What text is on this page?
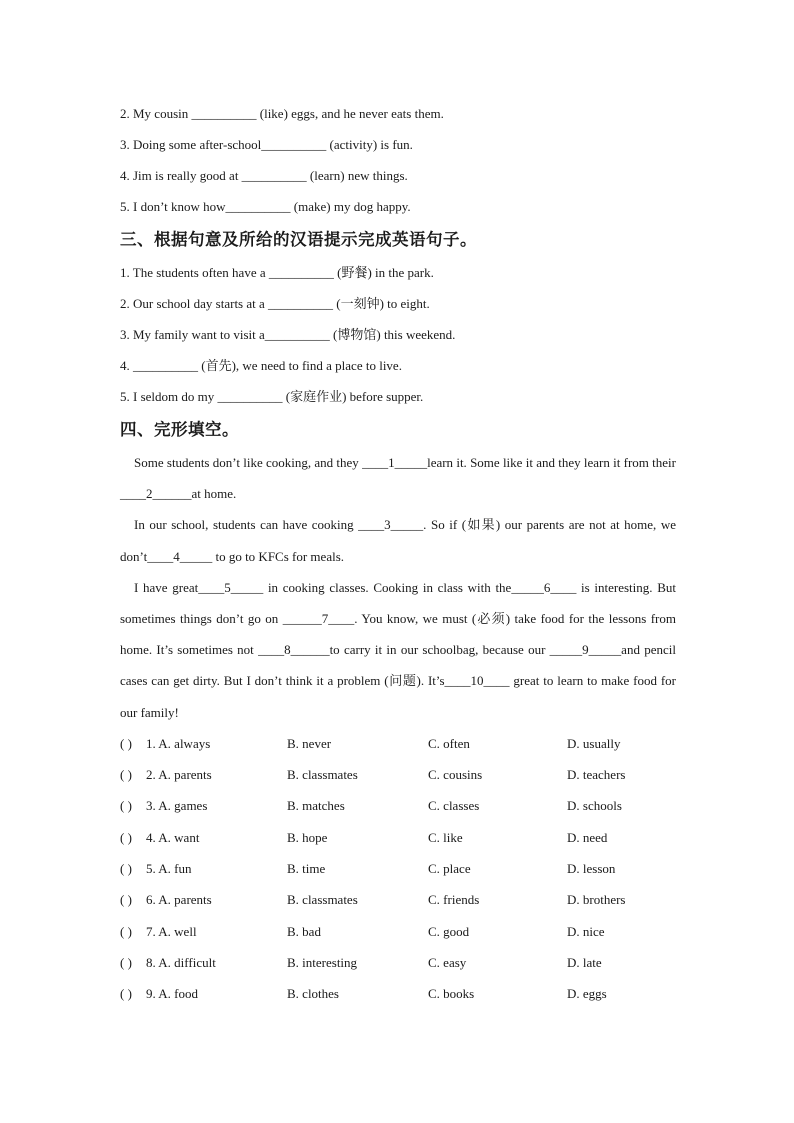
2. My cousin __________ (like) eggs, and he never eats them.
3. Doing some after-school__________ (activity) is fun.
4. Jim is really good at __________ (learn) new things.
5. I don’t know how__________ (make) my dog happy.
三、根据句意及所给的汉语提示完成英语句子。
1. The students often have a __________ (野餐) in the park.
2. Our school day starts at a __________ (一刻钟) to eight.
3. My family want to visit a__________ (博物馆) this weekend.
4. __________ (首先), we need to find a place to live.
5. I seldom do my __________ (家庭作业) before supper.
四、完形填空。
Some students don’t like cooking, and they ____1_____learn it. Some like it and they learn it from their ____2______at home.
In our school, students can have cooking ____3_____. So if (如果) our parents are not at home, we don’t____4_____ to go to KFCs for meals.
I have great____5_____ in cooking classes. Cooking in class with the_____6____ is interesting. But sometimes things don’t go on ______7____. You know, we must (必须) take food for the lessons from home. It’s sometimes not ____8______to carry it in our schoolbag, because our _____9_____and pencil cases can get dirty. But I don’t think it a problem (问题). It’s____10____ great to learn to make food for our family!
( ) 1. A. always	B. never	C. often	D. usually
( ) 2. A. parents	B. classmates	C. cousins	D. teachers
( ) 3. A. games	B. matches	C. classes	D. schools
( ) 4. A. want	B. hope	C. like	D. need
( ) 5. A. fun	B. time	C. place	D. lesson
( ) 6. A. parents	B. classmates	C. friends	D. brothers
( ) 7. A. well	B. bad	C. good	D. nice
( ) 8. A. difficult	B. interesting	C. easy	D. late
( ) 9. A. food	B. clothes	C. books	D. eggs
